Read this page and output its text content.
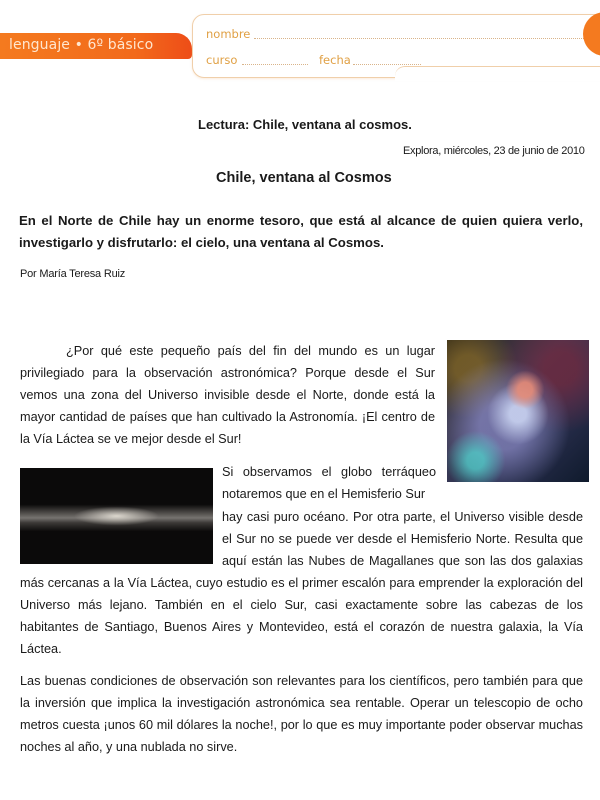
lenguaje • 6º básico
nombre
curso	fecha
Lectura: Chile, ventana al cosmos.
Explora, miércoles, 23 de junio de 2010
Chile, ventana al Cosmos
En el Norte de Chile hay un enorme tesoro, que está al alcance de quien quiera verlo, investigarlo y disfrutarlo: el cielo, una ventana al Cosmos.
Por María Teresa Ruiz
¿Por qué este pequeño país del fin del mundo es un lugar
privilegiado para la observación astronómica? Porque desde el Sur
vemos una zona del Universo invisible desde el Norte, donde está la
mayor cantidad de países que han cultivado la Astronomía. ¡El centro de
la Vía Láctea se ve mejor desde el Sur!
Si observamos el globo terráqueo
notaremos que en el Hemisferio Sur
hay casi puro océano. Por otra parte, el Universo visible desde
el Sur no se puede ver desde el Hemisferio Norte. Resulta que
aquí están las Nubes de Magallanes que son las dos galaxias
más cercanas a la Vía Láctea, cuyo estudio es el primer escalón para emprender la exploración del
Universo más lejano. También en el cielo Sur, casi exactamente sobre las cabezas de los
habitantes de Santiago, Buenos Aires y Montevideo, está el corazón de nuestra galaxia, la Vía
Láctea.
Las buenas condiciones de observación son relevantes para los científicos, pero también para que
la inversión que implica la investigación astronómica sea rentable. Operar un telescopio de ocho
metros cuesta ¡unos 60 mil dólares la noche!, por lo que es muy importante poder observar muchas
noches al año, y una nublada no sirve.
